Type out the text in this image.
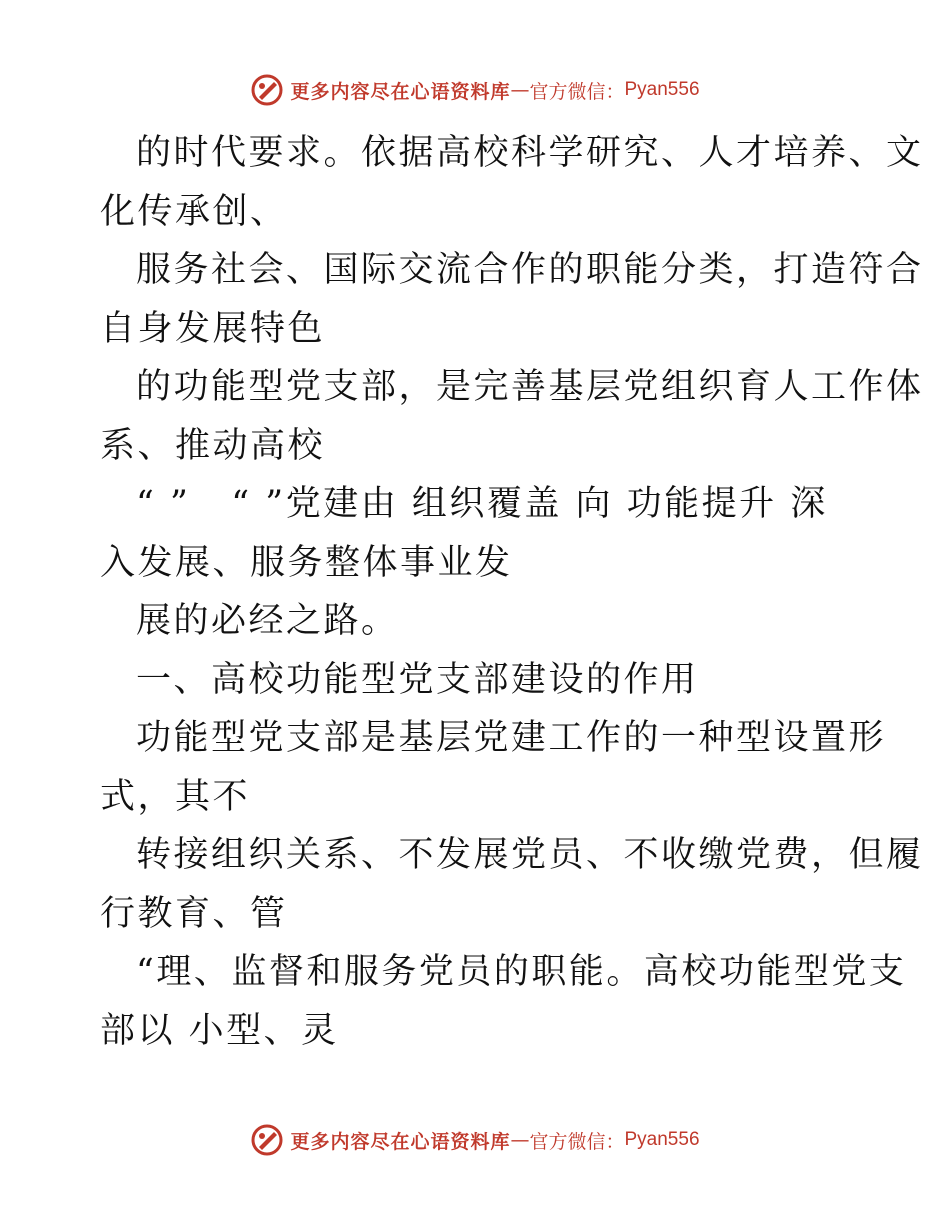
更多内容尽在心语资料库 — 官方微信： Pyan556
的时代要求。依据高校科学研究、人才培养、文
化传承创、
服务社会、国际交流合作的职能分类，打造符合
自身发展特色
的功能型党支部，是完善基层党组织育人工作体
系、推动高校
“ ”   “ ”党建由 组织覆盖 向 功能提升 深
入发展、服务整体事业发
展的必经之路。
一、高校功能型党支部建设的作用
功能型党支部是基层党建工作的一种型设置形
式，其不
转接组织关系、不发展党员、不收缴党费，但履
行教育、管
“理、监督和服务党员的职能。高校功能型党支
部以 小型、灵
更多内容尽在心语资料库 — 官方微信： Pyan556
